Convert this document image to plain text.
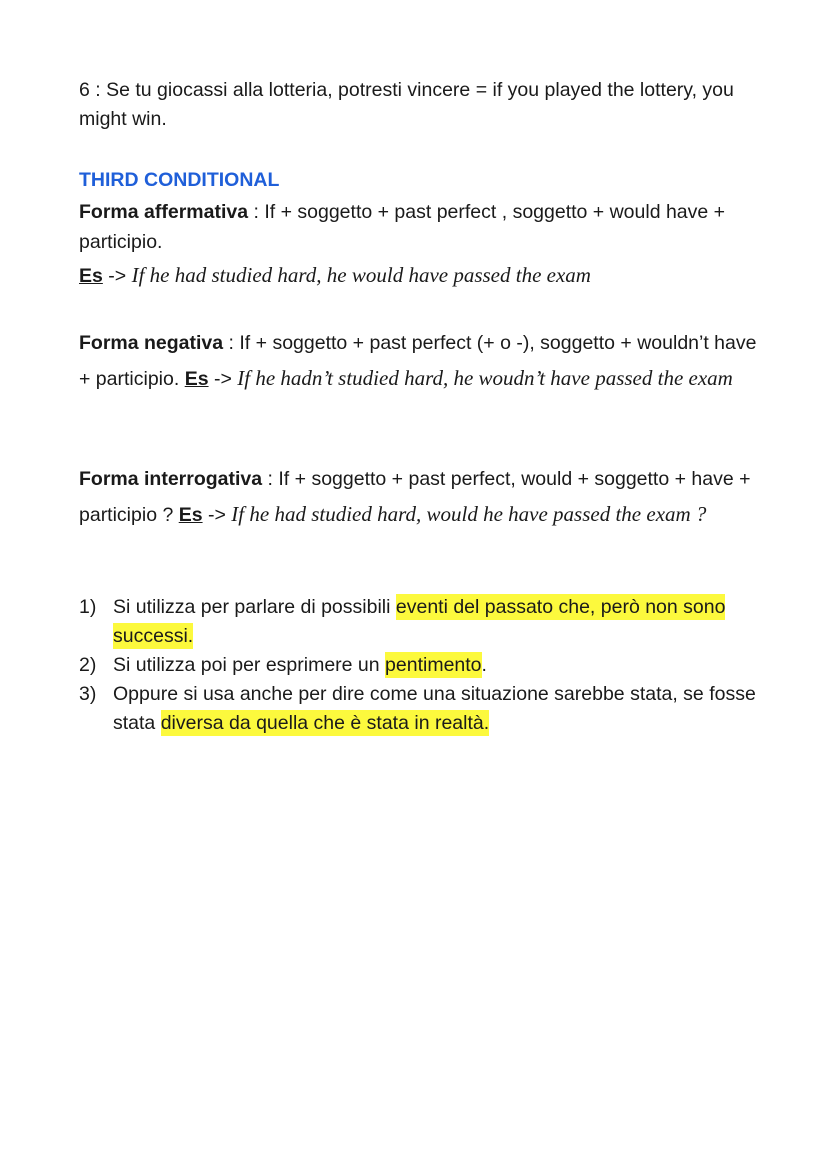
6 : Se tu giocassi alla lotteria, potresti vincere = if you played the lottery, you might win.

THIRD CONDITIONAL

Forma affermativa : If + soggetto + past perfect , soggetto + would have + participio.
Es -> If he had studied hard, he would have passed the exam
Forma negativa : If + soggetto + past perfect (+ o -), soggetto + wouldn’t have + participio. Es -> If he hadn’t studied hard, he woudn’t have passed the exam
Forma interrogativa : If + soggetto + past perfect, would + soggetto + have + participio ? Es -> If he had studied hard, would he have passed the exam ?
1) Si utilizza per parlare di possibili eventi del passato che, però non sono successi.
2) Si utilizza poi per esprimere un pentimento.
3) Oppure si usa anche per dire come una situazione sarebbe stata, se fosse stata diversa da quella che è stata in realtà.
